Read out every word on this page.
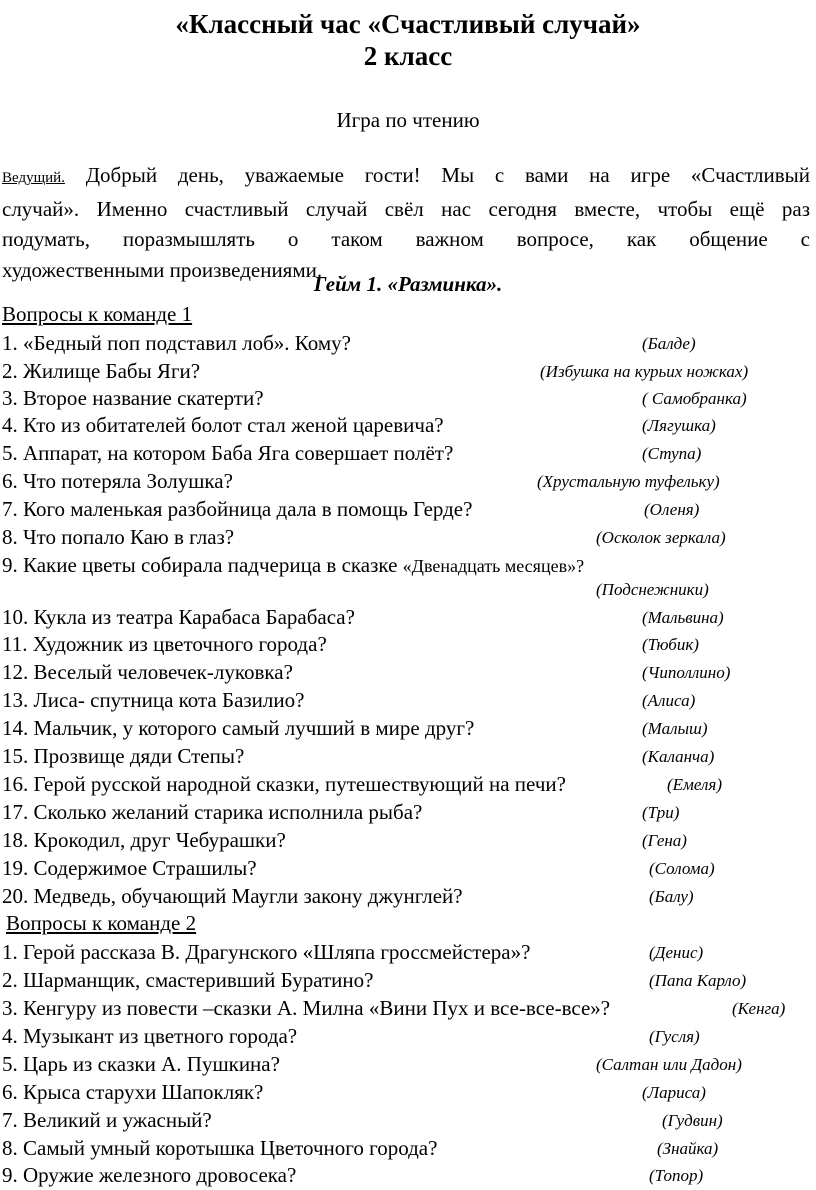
«Классный час «Счастливый случай»
2 класс
Игра по чтению
Ведущий. Добрый день, уважаемые гости! Мы с вами на игре «Счастливый
случай». Именно счастливый случай свёл нас сегодня вместе, чтобы ещё раз
подумать, поразмышлять о таком важном вопросе, как общение с
художественными произведениями.
Гейм 1. «Разминка».
Вопросы к команде 1
1. «Бедный поп подставил лоб». Кому?	(Балде)
2. Жилище Бабы Яги?	(Избушка на курьих ножках)
3. Второе название скатерти?	( Самобранка)
4. Кто из обитателей болот стал женой царевича?	(Лягушка)
5. Аппарат, на котором Баба Яга совершает полёт?	(Ступа)
6. Что потеряла Золушка?	(Хрустальную туфельку)
7. Кого маленькая разбойница дала в помощь Герде?	(Оленя)
8. Что попало Каю в глаз?	(Осколок зеркала)
9. Какие цветы собирала падчерица в сказке «Двенадцать месяцев»?
(Подснежники)
10. Кукла из театра Карабаса Барабаса?	(Мальвина)
11. Художник из цветочного города?	(Тюбик)
12. Веселый человечек-луковка?	(Чиполлино)
13. Лиса- спутница кота Базилио?	(Алиса)
14. Мальчик, у которого самый лучший в мире друг?	(Малыш)
15. Прозвище дяди Степы?	(Каланча)
16. Герой русской народной сказки, путешествующий на печи?	(Емеля)
17. Сколько желаний старика исполнила рыба?	(Три)
18. Крокодил, друг Чебурашки?	(Гена)
19. Содержимое Страшилы?	(Солома)
20. Медведь, обучающий Маугли закону джунглей?	(Балу)
Вопросы к команде 2
1. Герой рассказа В. Драгунского «Шляпа гроссмейстера»?	(Денис)
2. Шарманщик, смастеривший Буратино?	(Папа Карло)
3. Кенгуру из повести –сказки А. Милна «Вини Пух и все-все-все»?	(Кенга)
4. Музыкант из цветного города?	(Гусля)
5. Царь из сказки А. Пушкина?	(Салтан или Дадон)
6. Крыса старухи Шапокляк?	(Лариса)
7. Великий и ужасный?	(Гудвин)
8. Самый умный коротышка Цветочного города?	(Знайка)
9. Оружие железного дровосека?	(Топор)
